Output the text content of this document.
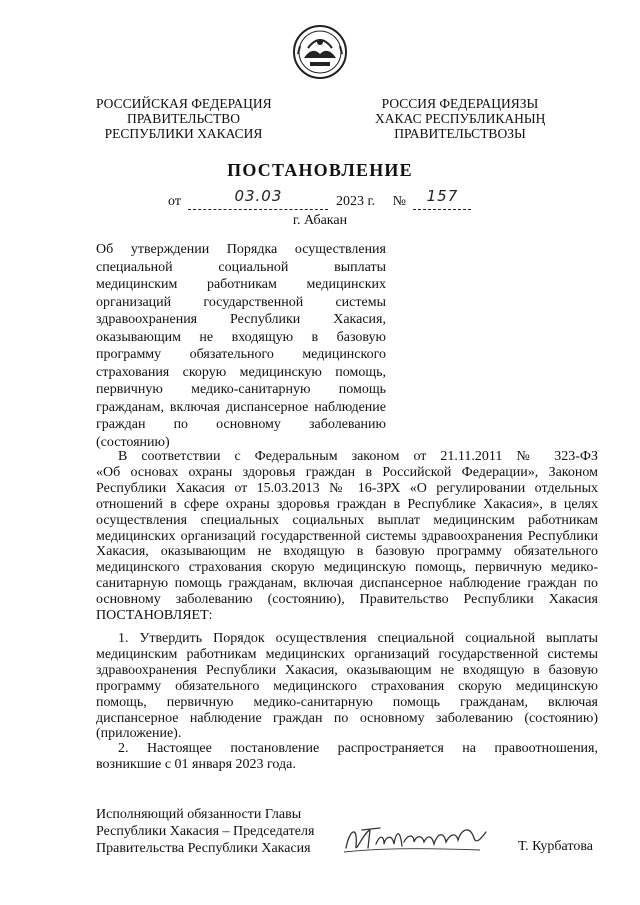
РОССИЙСКАЯ ФЕДЕРАЦИЯ
ПРАВИТЕЛЬСТВО
РЕСПУБЛИКИ ХАКАСИЯ
РОССИЯ ФЕДЕРАЦИЯЗЫ
ХАКАС РЕСПУБЛИКАНЫҢ
ПРАВИТЕЛЬСТВОЗЫ
ПОСТАНОВЛЕНИЕ
от	03.03	2023 г. № 157
г. Абакан
Об утверждении Порядка осуществления
специальной социальной выплаты
медицинским работникам медицинских
организаций государственной системы
здравоохранения Республики Хакасия,
оказывающим не входящую в базовую
программу обязательного медицинского
страхования скорую медицинскую помощь,
первичную медико-санитарную помощь
гражданам, включая диспансерное наблюдение
граждан по основному заболеванию
(состоянию)
В соответствии с Федеральным законом от 21.11.2011 № 323-ФЗ
«Об основах охраны здоровья граждан в Российской Федерации», Законом
Республики Хакасия от 15.03.2013 № 16-ЗРХ «О регулировании отдельных
отношений в сфере охраны здоровья граждан в Республике Хакасия», в целях
осуществления специальных социальных выплат медицинским работникам
медицинских организаций государственной системы здравоохранения Республики
Хакасия, оказывающим не входящую в базовую программу обязательного
медицинского страхования скорую медицинскую помощь, первичную медико-
санитарную помощь гражданам, включая диспансерное наблюдение граждан по
основному заболеванию (состоянию), Правительство Республики Хакасия
ПОСТАНОВЛЯЕТ:
1. Утвердить Порядок осуществления специальной социальной выплаты
медицинским работникам медицинских организаций государственной системы
здравоохранения Республики Хакасия, оказывающим не входящую в базовую
программу обязательного медицинского страхования скорую медицинскую
помощь, первичную медико-санитарную помощь гражданам, включая
диспансерное наблюдение граждан по основному заболеванию (состоянию)
(приложение).
2. Настоящее постановление распространяется на правоотношения,
возникшие с 01 января 2023 года.
Исполняющий обязанности Главы
Республики Хакасия – Председателя
Правительства Республики Хакасия	Т. Курбатова
